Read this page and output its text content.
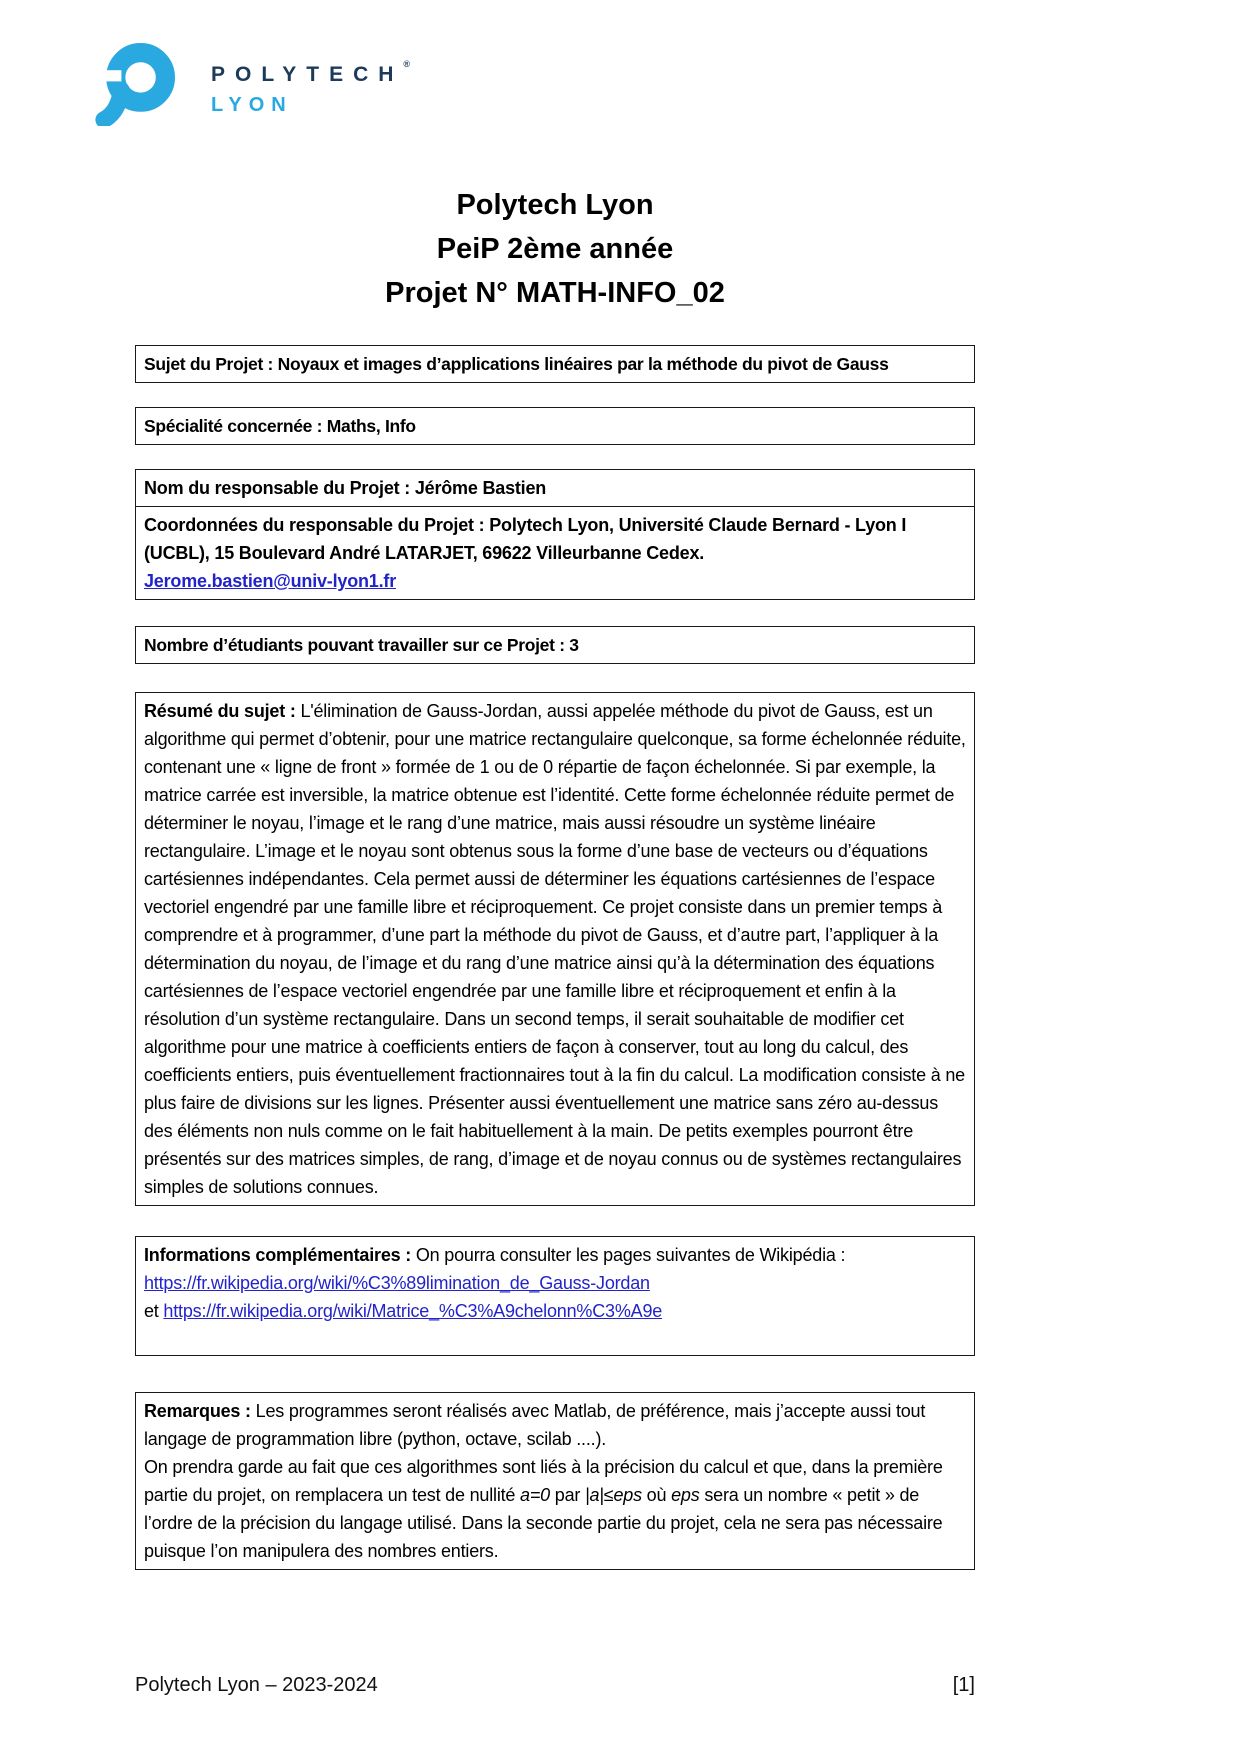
POLYTECH®
LYON
Polytech Lyon
PeiP 2ème année
Projet N° MATH-INFO_02
Sujet du Projet : Noyaux et images d’applications linéaires par la méthode du pivot de Gauss
Spécialité concernée : Maths, Info
Nom du responsable du Projet : Jérôme Bastien
Coordonnées du responsable du Projet : Polytech Lyon, Université Claude Bernard - Lyon I (UCBL), 15 Boulevard André LATARJET, 69622 Villeurbanne Cedex.
Jerome.bastien@univ-lyon1.fr
Nombre d’étudiants pouvant travailler sur ce Projet : 3

Résumé du sujet : L'élimination de Gauss-Jordan, aussi appelée méthode du pivot de Gauss, est un algorithme qui permet d’obtenir, pour une matrice rectangulaire quelconque, sa forme échelonnée réduite, contenant une « ligne de front » formée de 1 ou de 0 répartie de façon échelonnée. Si par exemple, la matrice carrée est inversible, la matrice obtenue est l’identité. Cette forme échelonnée réduite permet de déterminer le noyau, l’image et le rang d’une matrice, mais aussi résoudre un système linéaire rectangulaire. L’image et le noyau sont obtenus sous la forme d’une base de vecteurs ou d’équations cartésiennes indépendantes. Cela permet aussi de déterminer les équations cartésiennes de l’espace vectoriel engendré par une famille libre et réciproquement. Ce projet consiste dans un premier temps à comprendre et à programmer, d’une part la méthode du pivot de Gauss, et d’autre part, l’appliquer à la détermination du noyau, de l’image et du rang d’une matrice ainsi qu’à la détermination des équations cartésiennes de l’espace vectoriel engendrée par une famille libre et réciproquement et enfin à la résolution d’un système rectangulaire. Dans un second temps, il serait souhaitable de modifier cet algorithme pour une matrice à coefficients entiers de façon à conserver, tout au long du calcul, des coefficients entiers, puis éventuellement fractionnaires tout à la fin du calcul. La modification consiste à ne plus faire de divisions sur les lignes. Présenter aussi éventuellement une matrice sans zéro au-dessus des éléments non nuls comme on le fait habituellement à la main. De petits exemples pourront être présentés sur des matrices simples, de rang, d’image et de noyau connus ou de systèmes rectangulaires simples de solutions connues.

Informations complémentaires : On pourra consulter les pages suivantes de Wikipédia :

https://fr.wikipedia.org/wiki/%C3%89limination_de_Gauss-Jordan

et https://fr.wikipedia.org/wiki/Matrice_%C3%A9chelonn%C3%A9e

Remarques : Les programmes seront réalisés avec Matlab, de préférence, mais j’accepte aussi tout langage de programmation libre (python, octave, scilab ....).

On prendra garde au fait que ces algorithmes sont liés à la précision du calcul et que, dans la première partie du projet, on remplacera un test de nullité a=0 par |a|≤eps où eps sera un nombre « petit » de l’ordre de la précision du langage utilisé. Dans la seconde partie du projet, cela ne sera pas nécessaire puisque l’on manipulera des nombres entiers.

Polytech Lyon – 2023-2024	[1]
